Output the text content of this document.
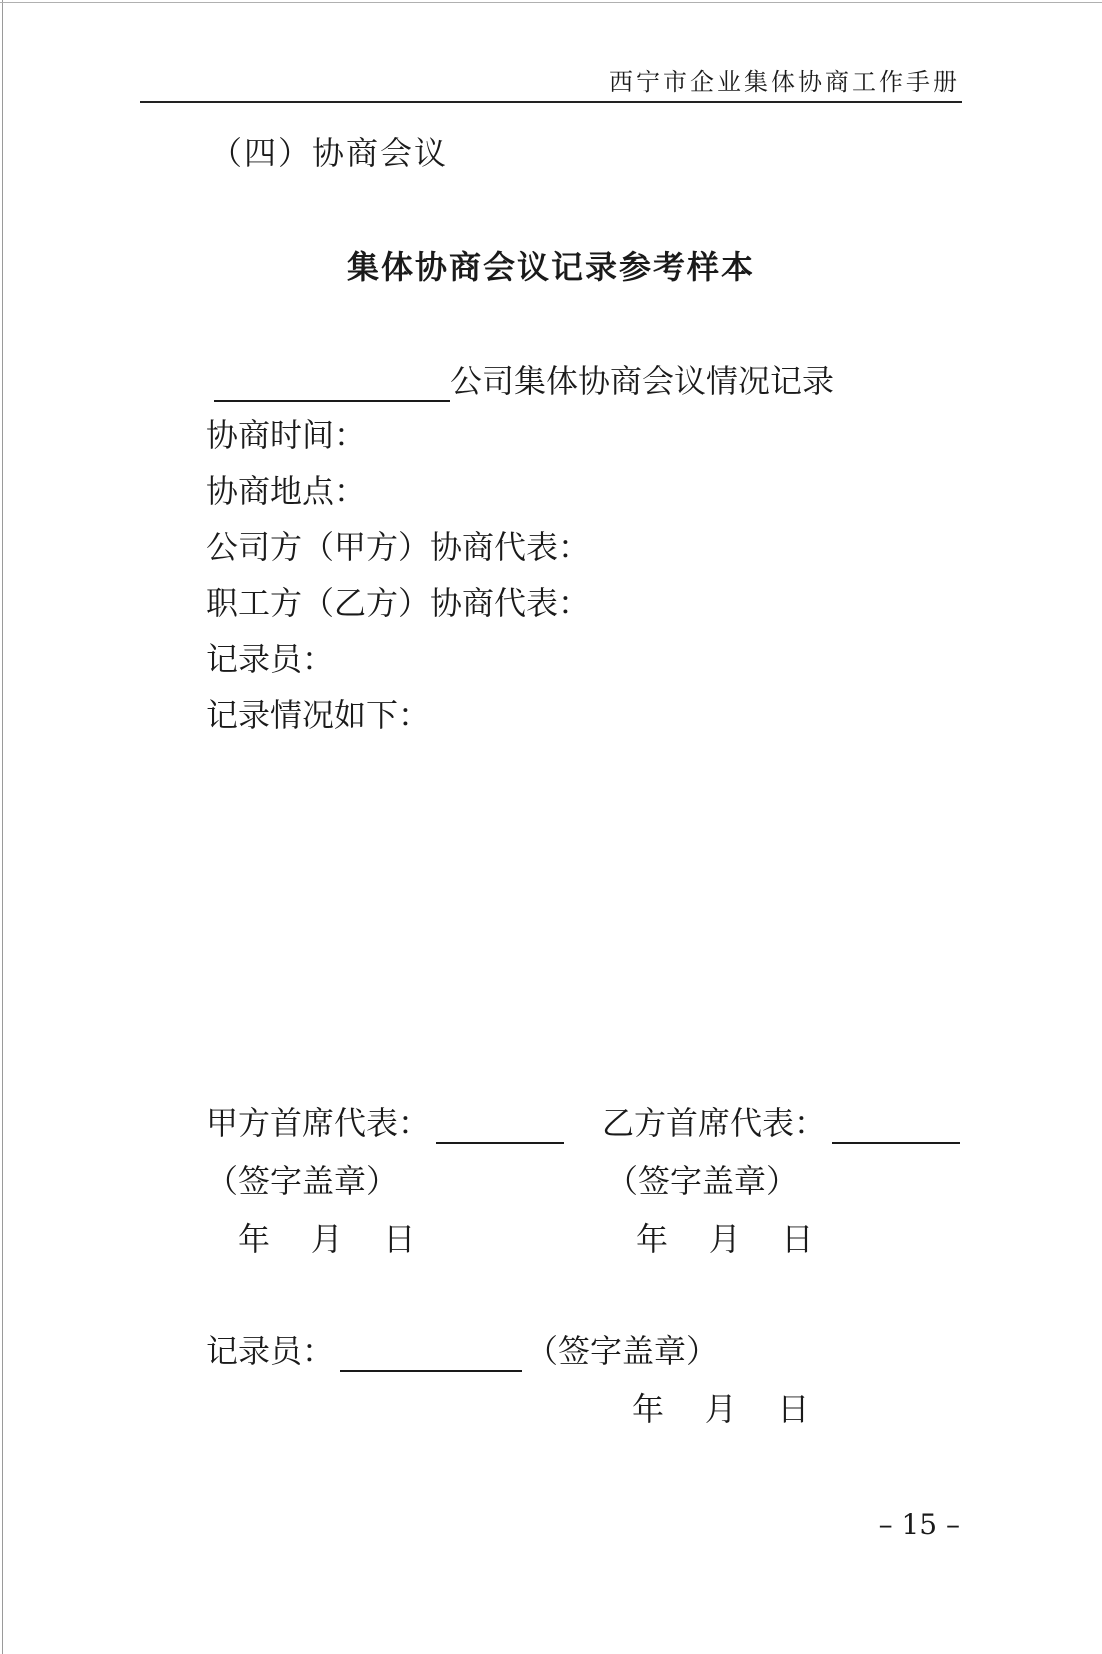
西宁市企业集体协商工作手册
（四）协商会议
集体协商会议记录参考样本
公司集体协商会议情况记录
协商时间：
协商地点：
公司方（甲方）协商代表：
职工方（乙方）协商代表：
记录员：
记录情况如下：
甲方首席代表：
（签字盖章）
年    月    日
乙方首席代表：
（签字盖章）
年    月    日
记录员：	（签字盖章）
年    月    日
– 15 –
